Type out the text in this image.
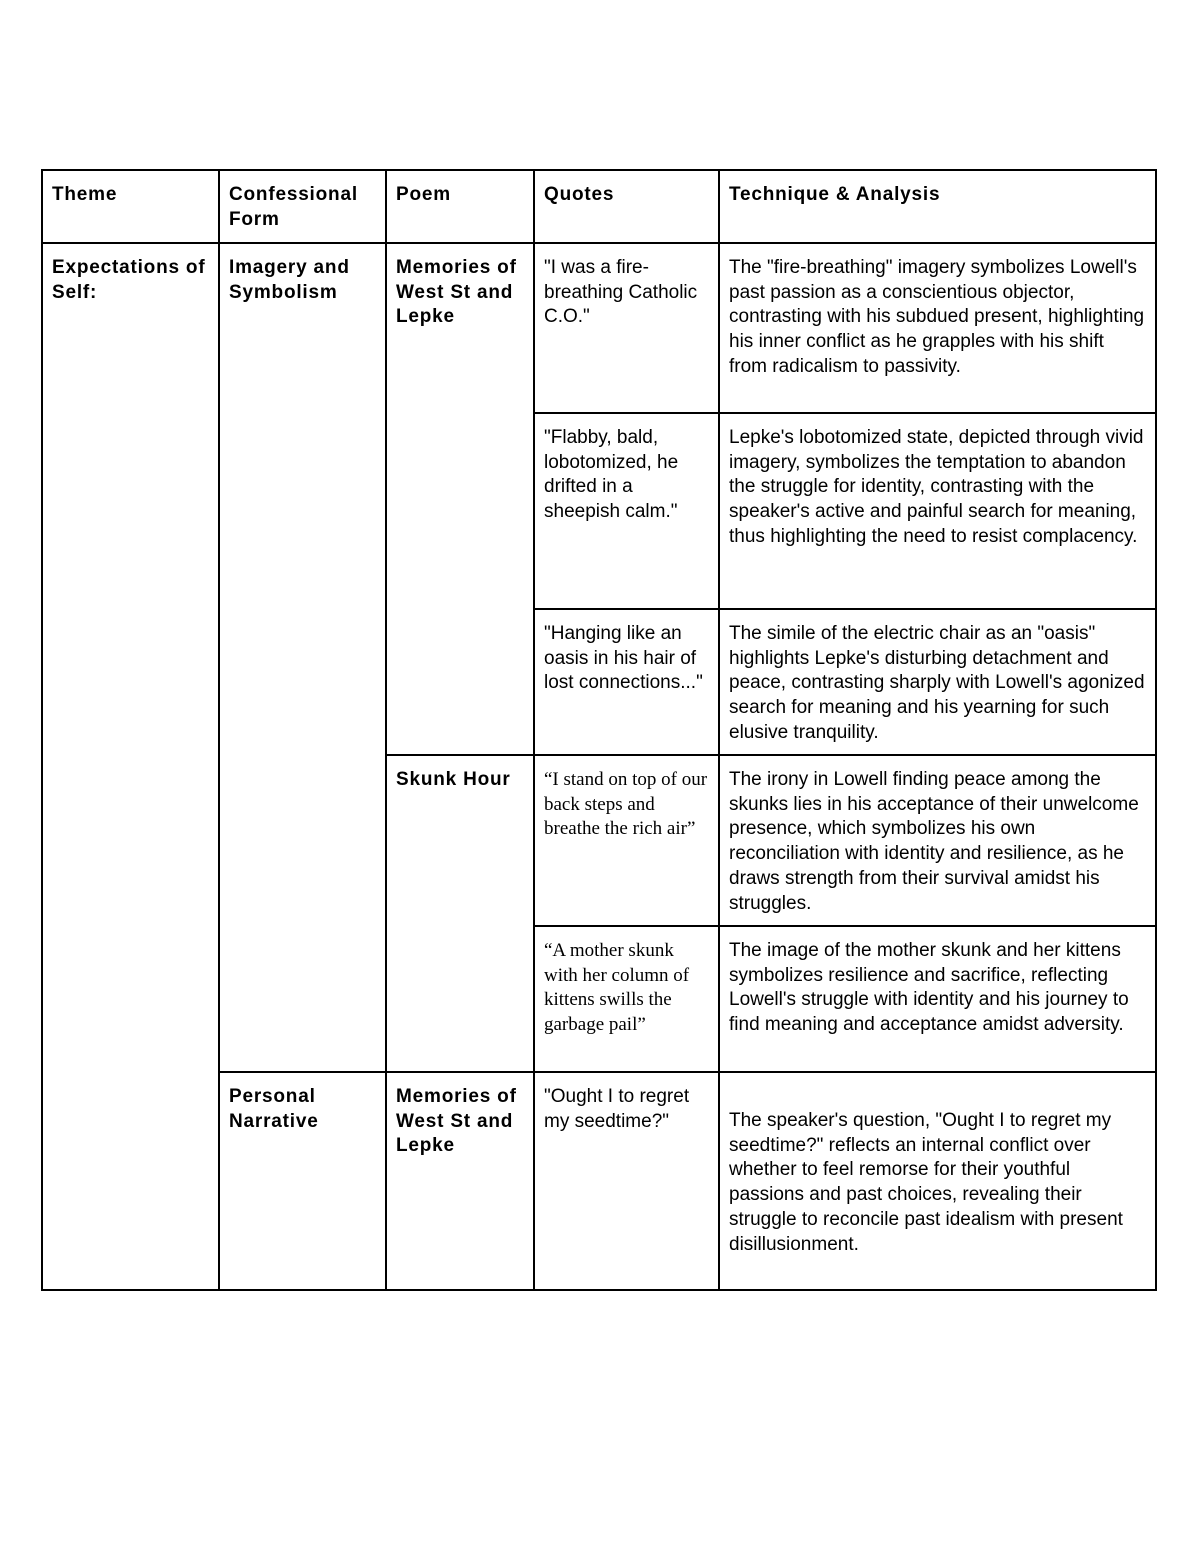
Theme	Confessional Form	Poem	Quotes	Technique & Analysis
Expectations of Self:	Imagery and Symbolism	Memories of West St and Lepke	"I was a fire-breathing Catholic C.O."	The "fire-breathing" imagery symbolizes Lowell's past passion as a conscientious objector, contrasting with his subdued present, highlighting his inner conflict as he grapples with his shift from radicalism to passivity.
			"Flabby, bald, lobotomized, he drifted in a sheepish calm."	Lepke's lobotomized state, depicted through vivid imagery, symbolizes the temptation to abandon the struggle for identity, contrasting with the speaker's active and painful search for meaning, thus highlighting the need to resist complacency.
			"Hanging like an oasis in his hair of lost connections..."	The simile of the electric chair as an "oasis" highlights Lepke's disturbing detachment and peace, contrasting sharply with Lowell's agonized search for meaning and his yearning for such elusive tranquility.
		Skunk Hour	“I stand on top of our back steps and breathe the rich air”	The irony in Lowell finding peace among the skunks lies in his acceptance of their unwelcome presence, which symbolizes his own reconciliation with identity and resilience, as he draws strength from their survival amidst his struggles.
			“A mother skunk with her column of kittens swills the garbage pail”	The image of the mother skunk and her kittens symbolizes resilience and sacrifice, reflecting Lowell's struggle with identity and his journey to find meaning and acceptance amidst adversity.
	Personal Narrative	Memories of West St and Lepke	"Ought I to regret my seedtime?"	The speaker's question, "Ought I to regret my seedtime?" reflects an internal conflict over whether to feel remorse for their youthful passions and past choices, revealing their struggle to reconcile past idealism with present disillusionment.
